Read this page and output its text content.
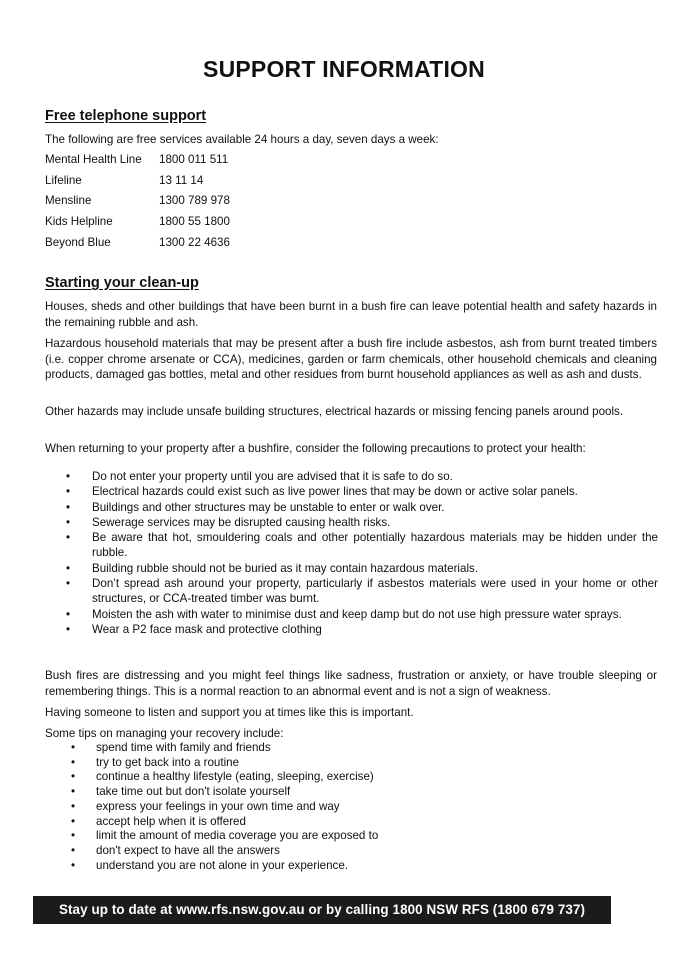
SUPPORT INFORMATION
Free telephone support
The following are free services available 24 hours a day, seven days a week:
Mental Health Line 1800 011 511
Lifeline	13 11 14
Mensline	1300 789 978
Kids Helpline	1800 55 1800
Beyond Blue	1300 22 4636
Starting your clean-up
Houses, sheds and other buildings that have been burnt in a bush fire can leave potential health and safety hazards in the remaining rubble and ash.
Hazardous household materials that may be present after a bush fire include asbestos, ash from burnt treated timbers (i.e. copper chrome arsenate or CCA), medicines, garden or farm chemicals, other household chemicals and cleaning products, damaged gas bottles, metal and other residues from burnt household appliances as well as ash and dusts.
Other hazards may include unsafe building structures, electrical hazards or missing fencing panels around pools.
When returning to your property after a bushfire, consider the following precautions to protect your health:
• Do not enter your property until you are advised that it is safe to do so.
• Electrical hazards could exist such as live power lines that may be down or active solar panels.
• Buildings and other structures may be unstable to enter or walk over.
• Sewerage services may be disrupted causing health risks.
• Be aware that hot, smouldering coals and other potentially hazardous materials may be hidden under the rubble.
• Building rubble should not be buried as it may contain hazardous materials.
• Don’t spread ash around your property, particularly if asbestos materials were used in your home or other structures, or CCA-treated timber was burnt.
• Moisten the ash with water to minimise dust and keep damp but do not use high pressure water sprays.
• Wear a P2 face mask and protective clothing
Bush fires are distressing and you might feel things like sadness, frustration or anxiety, or have trouble sleeping or remembering things. This is a normal reaction to an abnormal event and is not a sign of weakness.
Having someone to listen and support you at times like this is important.
Some tips on managing your recovery include:
• spend time with family and friends
• try to get back into a routine
• continue a healthy lifestyle (eating, sleeping, exercise)
• take time out but don't isolate yourself
• express your feelings in your own time and way
• accept help when it is offered
• limit the amount of media coverage you are exposed to
• don't expect to have all the answers
• understand you are not alone in your experience.
Stay up to date at www.rfs.nsw.gov.au or by calling 1800 NSW RFS (1800 679 737)
